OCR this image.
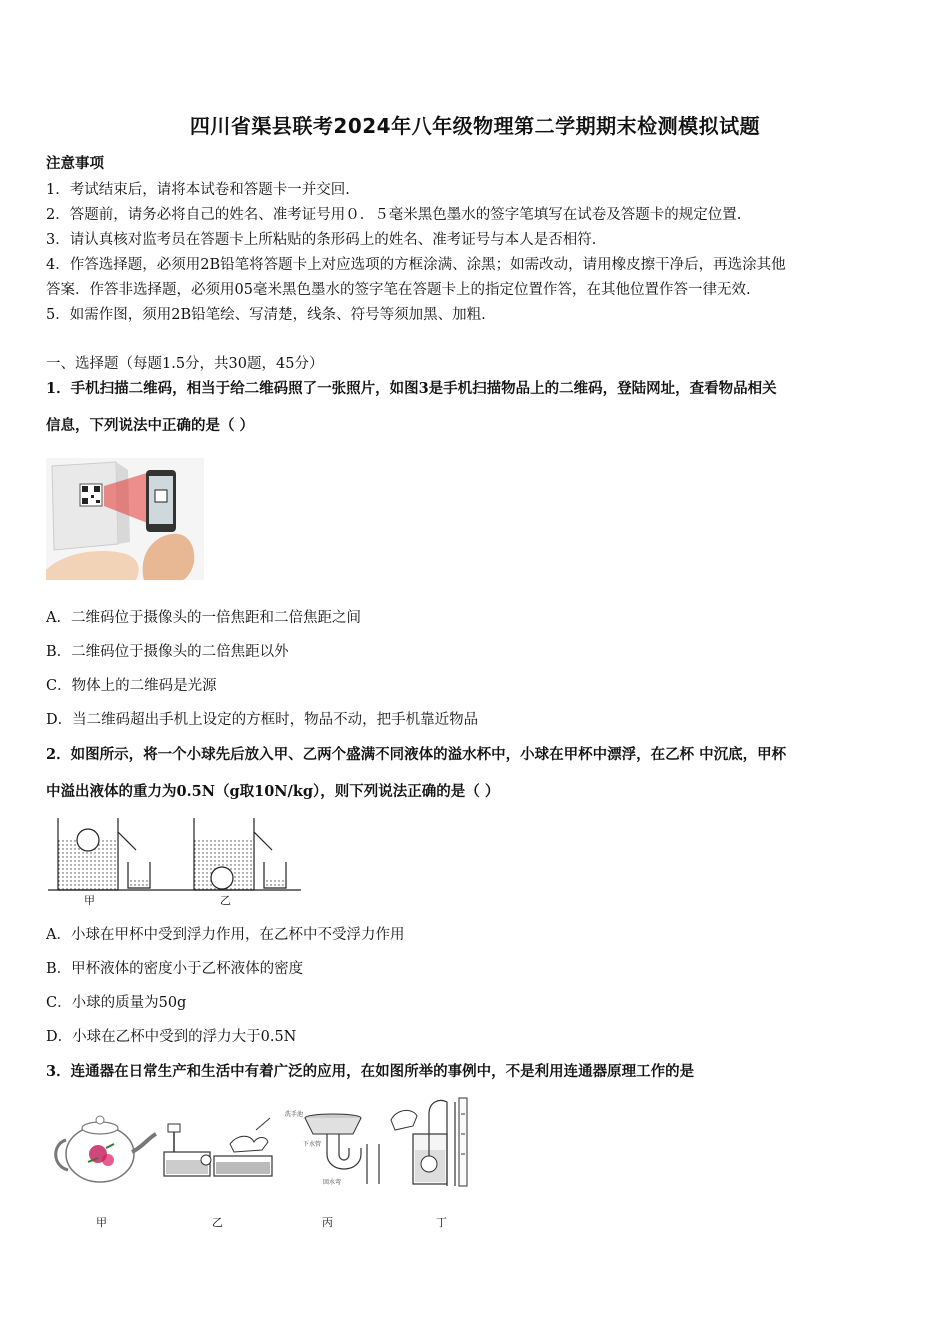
四川省渠县联考2024年八年级物理第二学期期末检测模拟试题
注意事项
1．考试结束后，请将本试卷和答题卡一并交回.
2．答题前，请务必将自己的姓名、准考证号用０．５毫米黑色墨水的签字笔填写在试卷及答题卡的规定位置.
3．请认真核对监考员在答题卡上所粘贴的条形码上的姓名、准考证号与本人是否相符.
4．作答选择题，必须用2B铅笔将答题卡上对应选项的方框涂满、涂黑；如需改动，请用橡皮擦干净后，再选涂其他
答案．作答非选择题，必须用05毫米黑色墨水的签字笔在答题卡上的指定位置作答，在其他位置作答一律无效.
5．如需作图，须用2B铅笔绘、写清楚，线条、符号等须加黑、加粗.
一、选择题（每题1.5分，共30题，45分）
1．手机扫描二维码，相当于给二维码照了一张照片，如图3是手机扫描物品上的二维码，登陆网址，查看物品相关
信息，下列说法中正确的是（ ）
A．二维码位于摄像头的一倍焦距和二倍焦距之间
B．二维码位于摄像头的二倍焦距以外
C．物体上的二维码是光源
D．当二维码超出手机上设定的方框时，物品不动，把手机靠近物品
2．如图所示，将一个小球先后放入甲、乙两个盛满不同液体的溢水杯中，小球在甲杯中漂浮，在乙杯 中沉底，甲杯
中溢出液体的重力为0.5N（g取10N/kg），则下列说法正确的是（ ）
甲	乙
A．小球在甲杯中受到浮力作用，在乙杯中不受浮力作用
B．甲杯液体的密度小于乙杯液体的密度
C．小球的质量为50g
D．小球在乙杯中受到的浮力大于0.5N
3．连通器在日常生产和生活中有着广泛的应用，在如图所举的事例中，不是利用连通器原理工作的是
洗手池
下水管
回水弯
甲	乙	丙	丁
